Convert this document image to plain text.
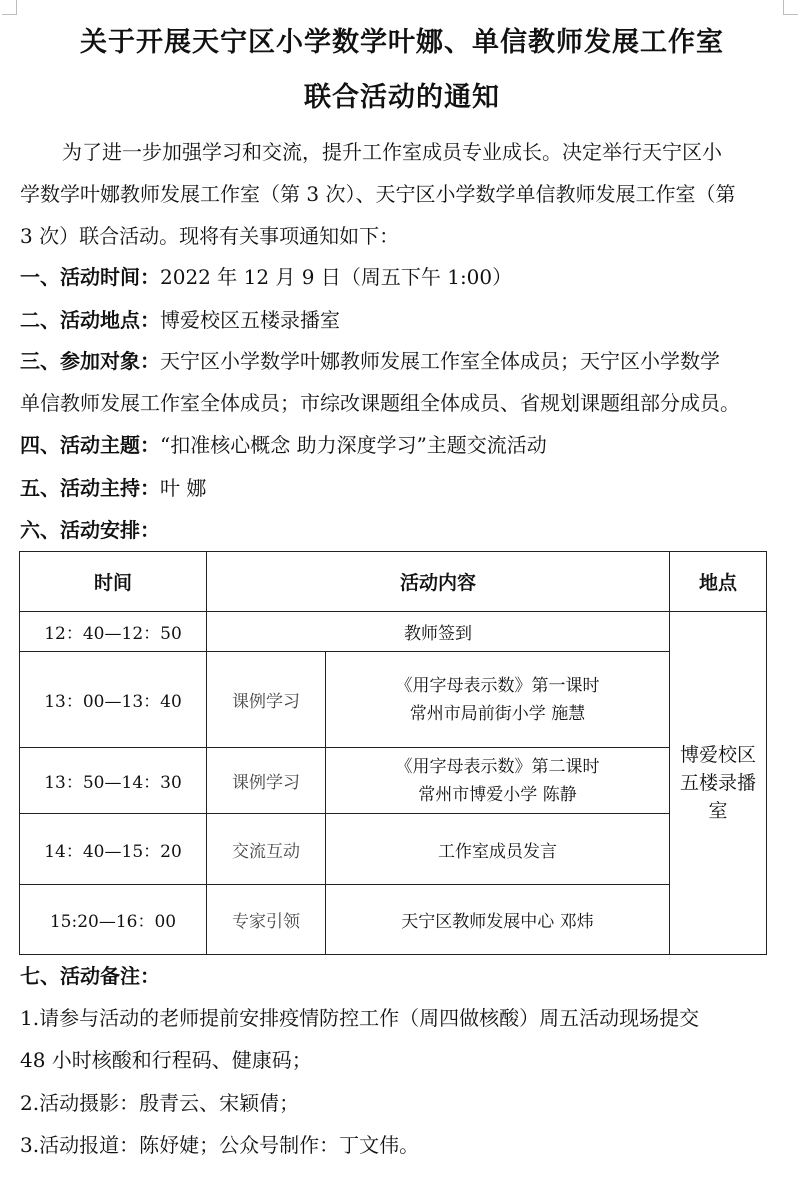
关于开展天宁区小学数学叶娜、单信教师发展工作室
联合活动的通知
为了进一步加强学习和交流，提升工作室成员专业成长。决定举行天宁区小
学数学叶娜教师发展工作室（第 3 次）、天宁区小学数学单信教师发展工作室（第
3 次）联合活动。现将有关事项通知如下：
一、活动时间：2022 年 12 月 9 日（周五下午 1:00）
二、活动地点：博爱校区五楼录播室
三、参加对象：天宁区小学数学叶娜教师发展工作室全体成员；天宁区小学数学
单信教师发展工作室全体成员；市综改课题组全体成员、省规划课题组部分成员。
四、活动主题：“扣准核心概念 助力深度学习”主题交流活动
五、活动主持：叶 娜
六、活动安排：
时间	活动内容		地点
12：40—12：50	教师签到		博爱校区
五楼录播
室

13：00—13：40	课例学习	《用字母表示数》第一课时
常州市局前街小学 施慧	

13：50—14：30	课例学习	《用字母表示数》第二课时
常州市博爱小学 陈静	

14：40—15：20	交流互动	工作室成员发言	
15:20—16：00	专家引领	天宁区教师发展中心 邓炜	
七、活动备注：
1.请参与活动的老师提前安排疫情防控工作（周四做核酸）周五活动现场提交
48 小时核酸和行程码、健康码；
2.活动摄影：殷青云、宋颖倩；
3.活动报道：陈妤婕；公众号制作：丁文伟。
